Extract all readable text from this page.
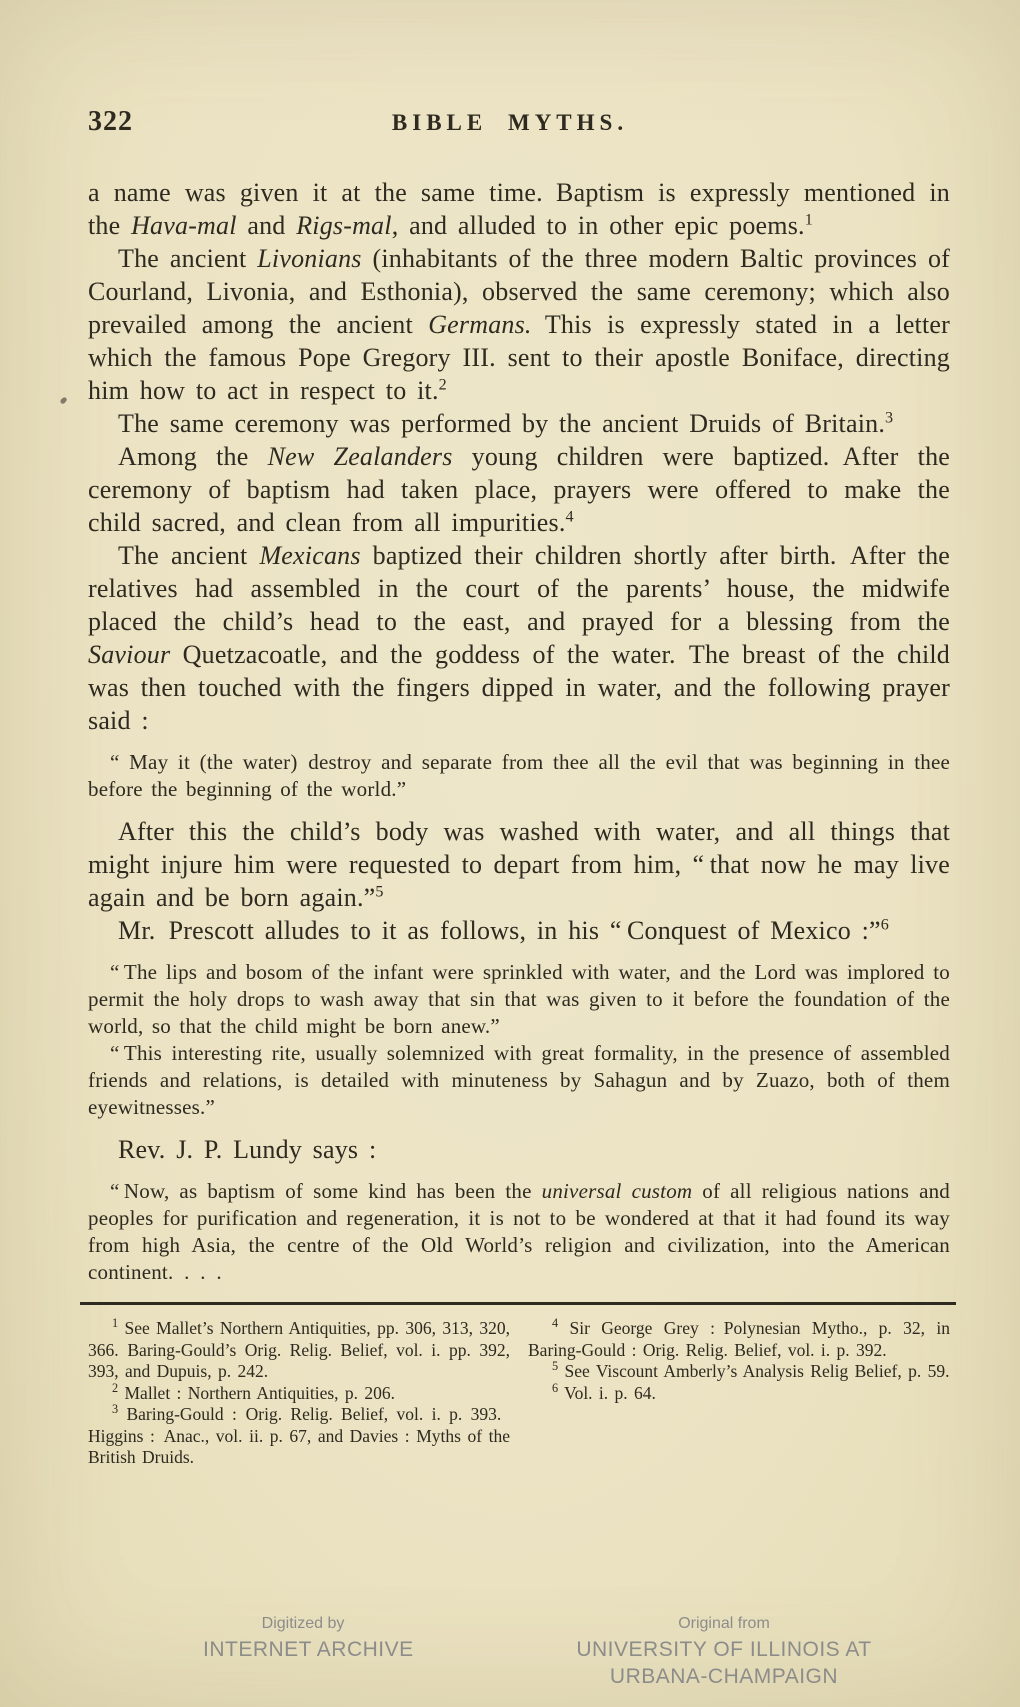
322	BIBLE MYTHS.

a name was given it at the same time. Baptism is expressly mentioned in the Hava-mal and Rigs-mal, and alluded to in other epic poems.$^1$

The ancient Livonians (inhabitants of the three modern Baltic provinces of Courland, Livonia, and Esthonia), observed the same ceremony; which also prevailed among the ancient Germans. This is expressly stated in a letter which the famous Pope Gregory III. sent to their apostle Boniface, directing him how to act in respect to it.$^2$

The same ceremony was performed by the ancient Druids of Britain.$^3$

Among the New Zealanders young children were baptized. After the ceremony of baptism had taken place, prayers were offered to make the child sacred, and clean from all impurities.$^4$

The ancient Mexicans baptized their children shortly after birth. After the relatives had assembled in the court of the parents’ house, the midwife placed the child’s head to the east, and prayed for a blessing from the Saviour Quetzacoatle, and the goddess of the water. The breast of the child was then touched with the fingers dipped in water, and the following prayer said :

“ May it (the water) destroy and separate from thee all the evil that was beginning in thee before the beginning of the world.”

After this the child’s body was washed with water, and all things that might injure him were requested to depart from him, “ that now he may live again and be born again.”$^5$

Mr. Prescott alludes to it as follows, in his “ Conquest of Mexico :”$^6$

“ The lips and bosom of the infant were sprinkled with water, and the Lord was implored to permit the holy drops to wash away that sin that was given to it before the foundation of the world, so that the child might be born anew.”

“ This interesting rite, usually solemnized with great formality, in the presence of assembled friends and relations, is detailed with minuteness by Sahagun and by Zuazo, both of them eyewitnesses.”

Rev. J. P. Lundy says :

“ Now, as baptism of some kind has been the universal custom of all religious nations and peoples for purification and regeneration, it is not to be wondered at that it had found its way from high Asia, the centre of the Old World’s religion and civilization, into the American continent. . . .

$^1$ See Mallet’s Northern Antiquities, pp. 306, 313, 320, 366. Baring-Gould’s Orig. Relig. Belief, vol. i. pp. 392, 393, and Dupuis, p. 242.

$^2$ Mallet : Northern Antiquities, p. 206.

$^3$ Baring-Gould : Orig. Relig. Belief, vol. i. p. 393. Higgins : Anac., vol. ii. p. 67, and Davies : Myths of the British Druids.

$^4$ Sir George Grey : Polynesian Mytho., p. 32, in Baring-Gould : Orig. Relig. Belief, vol. i. p. 392.

$^5$ See Viscount Amberly’s Analysis Relig Belief, p. 59.

$^6$ Vol. i. p. 64.

Digitized by
INTERNET ARCHIVE
Original from
UNIVERSITY OF ILLINOIS AT
URBANA-CHAMPAIGN
